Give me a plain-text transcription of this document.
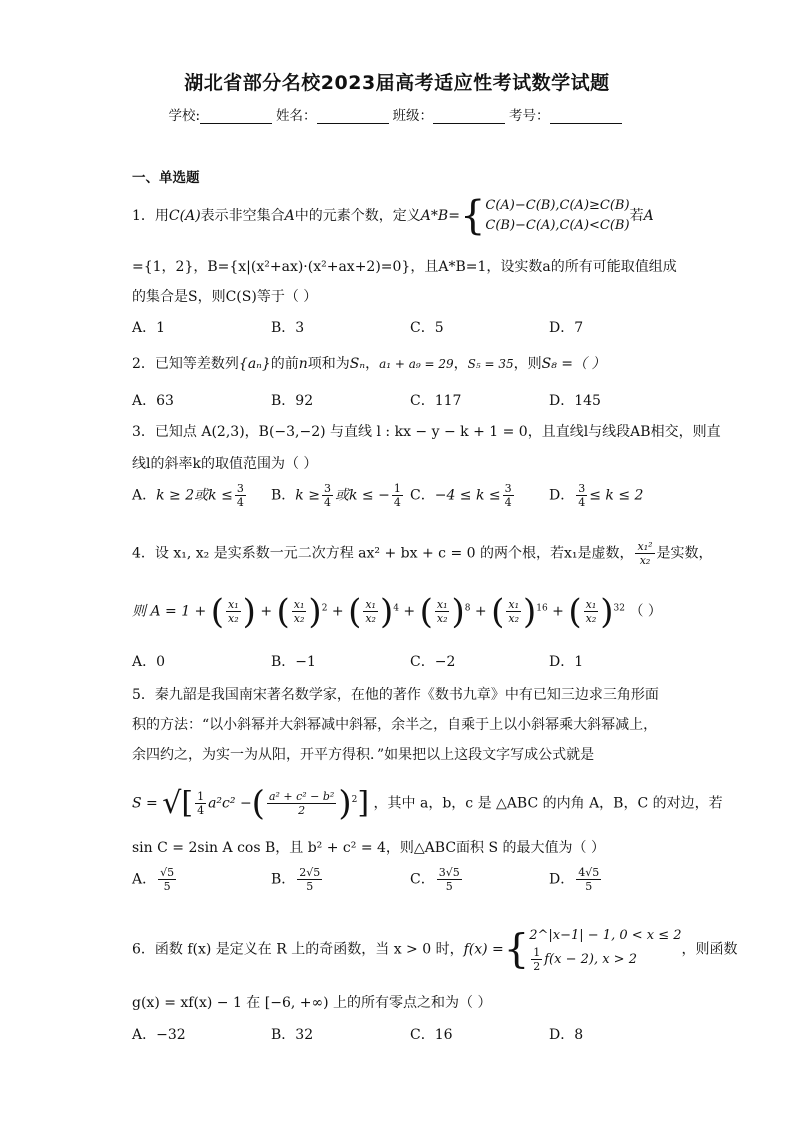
湖北省部分名校2023届高考适应性考试数学试题
学校:	姓名：	班级：	考号：
一、单选题
1．用C(A)表示非空集合A中的元素个数，定义A*B={ C(A)−C(B),C(A)≥C(B)
C(B)−C(A),C(A)<C(B)
若A
={1，2}，B={x|(x²+ax)·(x²+ax+2)=0}，且A*B=1，设实数a的所有可能取值组成
的集合是S，则C(S)等于（ ）
A．1	B．3	C．5	D．7
2．已知等差数列{aₙ}的前n项和为Sₙ，a₁ + a₉ = 29，S₅ = 35，则S₈ =（ ）
A．63	B．92	C．117	D．145
3．已知点 A(2,3)，B(−3,−2) 与直线 l : kx − y − k + 1 = 0，且直线l与线段AB相交，则直
线l的斜率k的取值范围为（ ）
A．k ≥ 2或$k \le \frac{3}{4}$ B．$k \ge \frac{3}{4}$ 或k ≤ − $\frac{1}{4}$ C．$-4 \le k \le \frac{3}{4}$	D． $\frac{3}{4} \le k \le 2$
4．设 x₁, x₂ 是实系数一元二次方程 ax² + bx + c = 0 的两个根，若x₁是虚数， $\frac{\text{x₁²}}{\text{x₂}}$ 是实数，
则 A = 1 + ( $\frac{\text{x₁}}{\text{x₂}}$ ) + ( $\frac{\text{x₁}}{\text{x₂}} )^2$ + ( $\frac{\text{x₁}}{\text{x₂}} )^4$ + ( $\frac{\text{x₁}}{\text{x₂}} )^8$ + ( $\frac{\text{x₁}}{\text{x₂}} )^{16}$ + ( $\frac{\text{x₁}}{\text{x₂}} )^{32}$ （ ）
A．0	B．−1	C．−2	D．1
5．秦九韶是我国南宋著名数学家，在他的著作《数书九章》中有已知三边求三角形面
积的方法：“以小斜幂并大斜幂减中斜幂，余半之，自乘于上以小斜幂乘大斜幂减上，
余四约之，为实一为从阳，开平方得积．”如果把以上这段文字写成公式就是
S = √[ $\frac{1}{4} a^2c^2$ −( $\frac{\text{a² + c² − b²}}{2} )^2$] ，其中 a，b，c 是 △ABC 的内角 A，B，C 的对边，若
sin C = 2sin A cos B，且 b² + c² = 4，则△ABC面积 S 的最大值为（ ）
A． $\frac{√5}{5}$	B． $\frac{2√5}{5}$	C． $\frac{3√5}{5}$	D． $\frac{4√5}{5}$
6．函数 f(x) 是定义在 R 上的奇函数，当 x > 0 时，f(x) ={ 2^|x−1| − 1, 0 < x ≤ 2
$\frac{1}{2} f(x - 2)$, x > 2
，则函数
g(x) = xf(x) − 1 在 [−6, +∞) 上的所有零点之和为（ ）
A．−32	B．32	C．16	D．8
